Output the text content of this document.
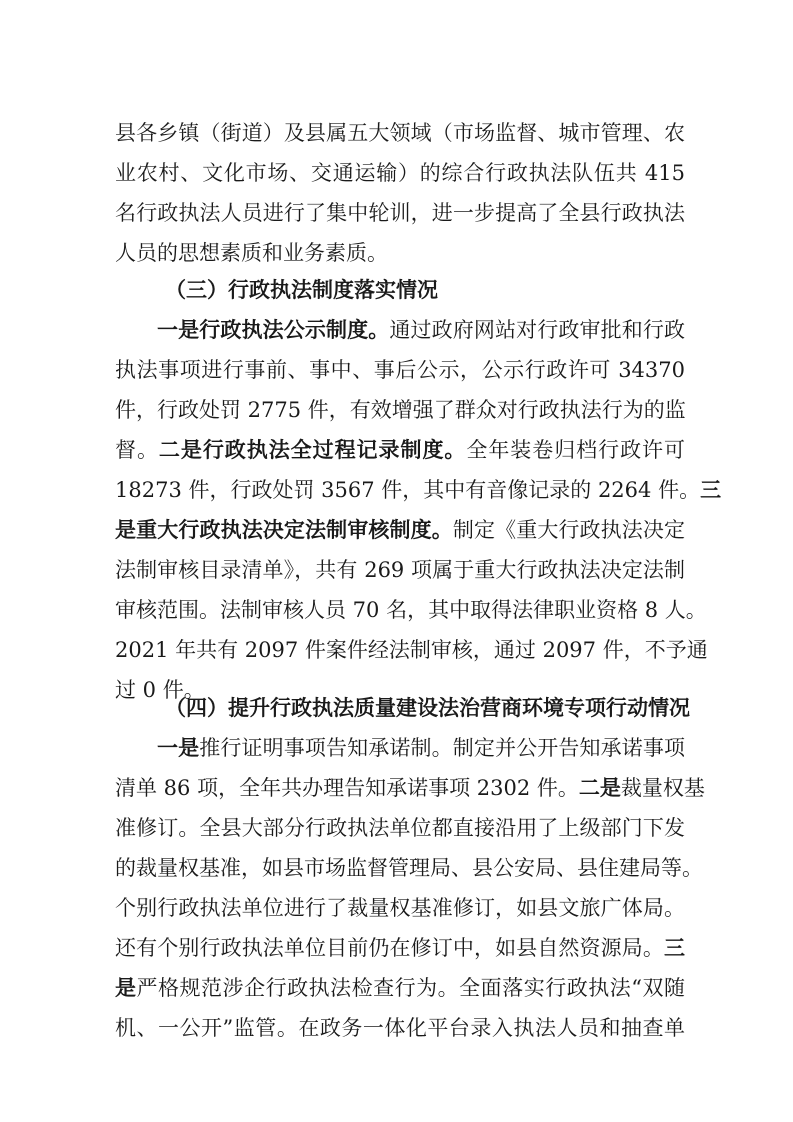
县各乡镇（街道）及县属五大领域（市场监督、城市管理、农
业农村、文化市场、交通运输）的综合行政执法队伍共 415
名行政执法人员进行了集中轮训，进一步提高了全县行政执法
人员的思想素质和业务素质。
（三）行政执法制度落实情况
一是行政执法公示制度。通过政府网站对行政审批和行政
执法事项进行事前、事中、事后公示，公示行政许可 34370
件，行政处罚 2775 件，有效增强了群众对行政执法行为的监
督。二是行政执法全过程记录制度。全年装卷归档行政许可
18273 件，行政处罚 3567 件，其中有音像记录的 2264 件。三
是重大行政执法决定法制审核制度。制定《重大行政执法决定
法制审核目录清单》，共有 269 项属于重大行政执法决定法制
审核范围。法制审核人员 70 名，其中取得法律职业资格 8 人。
2021 年共有 2097 件案件经法制审核，通过 2097 件，不予通
过 0 件。
（四）提升行政执法质量建设法治营商环境专项行动情况
一是推行证明事项告知承诺制。制定并公开告知承诺事项
清单 86 项，全年共办理告知承诺事项 2302 件。二是裁量权基
准修订。全县大部分行政执法单位都直接沿用了上级部门下发
的裁量权基准，如县市场监督管理局、县公安局、县住建局等。
个别行政执法单位进行了裁量权基准修订，如县文旅广体局。
还有个别行政执法单位目前仍在修订中，如县自然资源局。三
是严格规范涉企行政执法检查行为。全面落实行政执法“双随
机、一公开”监管。在政务一体化平台录入执法人员和抽查单
